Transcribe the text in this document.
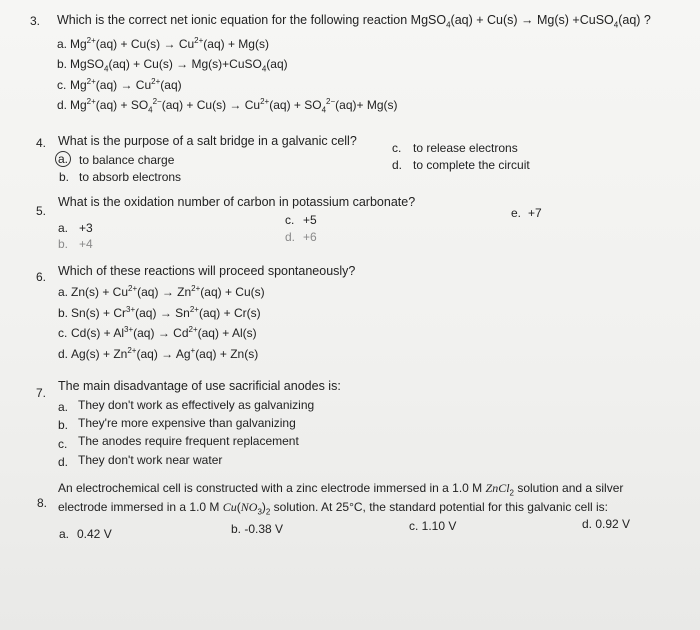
3. Which is the correct net ionic equation for the following reaction MgSO$_4$(aq) + Cu(s) → Mg(s) +CuSO$_4$(aq) ?
a. $Mg^{2+}(aq) + Cu(s) \to Cu^{2+}(aq) + Mg(s)$
b. MgSO$_4$(aq) + Cu(s) → Mg(s)+CuSO$_4$(aq)
c. $Mg^{2+}(aq) \to Cu^{2+}(aq)$
d. $Mg^{2+}(aq) + SO_4^{2-}(aq) + Cu(s) \to Cu^{2+}(aq) + SO_4^{2-}(aq)+ Mg(s)$
4. What is the purpose of a salt bridge in a galvanic cell?
a. to balance charge
b. to absorb electrons
c. to release electrons
d. to complete the circuit
5.
What is the oxidation number of carbon in potassium carbonate?
a. +3
b. +4
c. +5
d. +6
e. +7
6. Which of these reactions will proceed spontaneously?
a. $Zn(s) + Cu^{2+}(aq) \to Zn^{2+}(aq) + Cu(s)$
b. $Sn(s) + Cr^{3+}(aq) \to Sn^{2+}(aq) + Cr(s)$
c. $Cd(s) + Al^{3+}(aq) \to Cd^{2+}(aq) + Al(s)$
d. $Ag(s) + Zn^{2+}(aq) \to Ag^+(aq) + Zn(s)$
7. The main disadvantage of use sacrificial anodes is:
a. They don't work as effectively as galvanizing
b. They're more expensive than galvanizing
c. The anodes require frequent replacement
d. They don't work near water
8.
An electrochemical cell is constructed with a zinc electrode immersed in a 1.0 M ZnCl$_2$ solution and a silver
electrode immersed in a 1.0 M $Cu(NO_3)_2$ solution. At 25°C, the standard potential for this galvanic cell is:
a. 0.42 V	b. -0.38 V	c. 1.10 V	d. 0.92 V
